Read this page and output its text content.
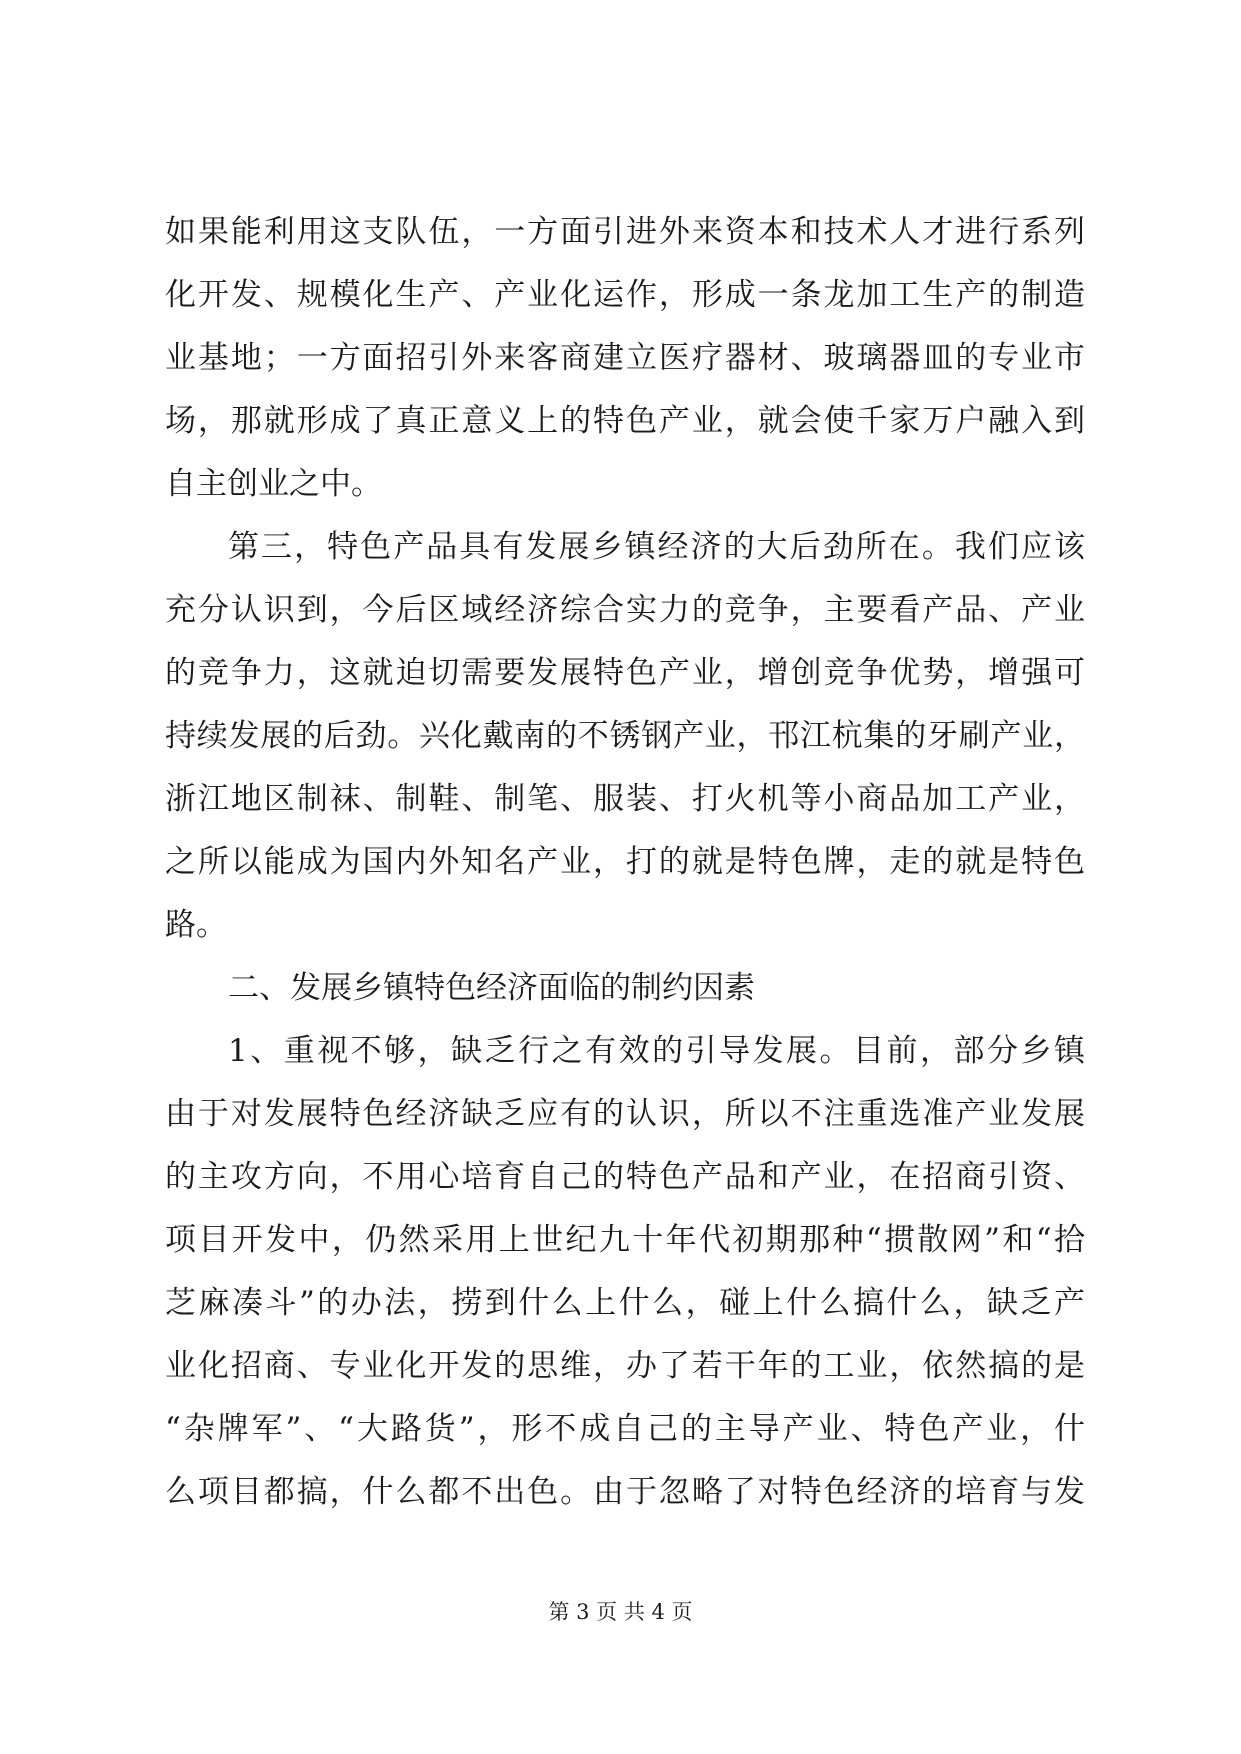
如果能利用这支队伍，一方面引进外来资本和技术人才进行系列
化开发、规模化生产、产业化运作，形成一条龙加工生产的制造
业基地；一方面招引外来客商建立医疗器材、玻璃器皿的专业市
场，那就形成了真正意义上的特色产业，就会使千家万户融入到
自主创业之中。
第三，特色产品具有发展乡镇经济的大后劲所在。我们应该
充分认识到，今后区域经济综合实力的竞争，主要看产品、产业
的竞争力，这就迫切需要发展特色产业，增创竞争优势，增强可
持续发展的后劲。兴化戴南的不锈钢产业，邗江杭集的牙刷产业，
浙江地区制袜、制鞋、制笔、服装、打火机等小商品加工产业，
之所以能成为国内外知名产业，打的就是特色牌，走的就是特色
路。
二、发展乡镇特色经济面临的制约因素
1、重视不够，缺乏行之有效的引导发展。目前，部分乡镇
由于对发展特色经济缺乏应有的认识，所以不注重选准产业发展
的主攻方向，不用心培育自己的特色产品和产业，在招商引资、
项目开发中，仍然采用上世纪九十年代初期那种“掼散网”和“拾
芝麻凑斗”的办法，捞到什么上什么，碰上什么搞什么，缺乏产
业化招商、专业化开发的思维，办了若干年的工业，依然搞的是
“杂牌军”、“大路货”，形不成自己的主导产业、特色产业，什
么项目都搞，什么都不出色。由于忽略了对特色经济的培育与发
第 3 页 共 4 页
